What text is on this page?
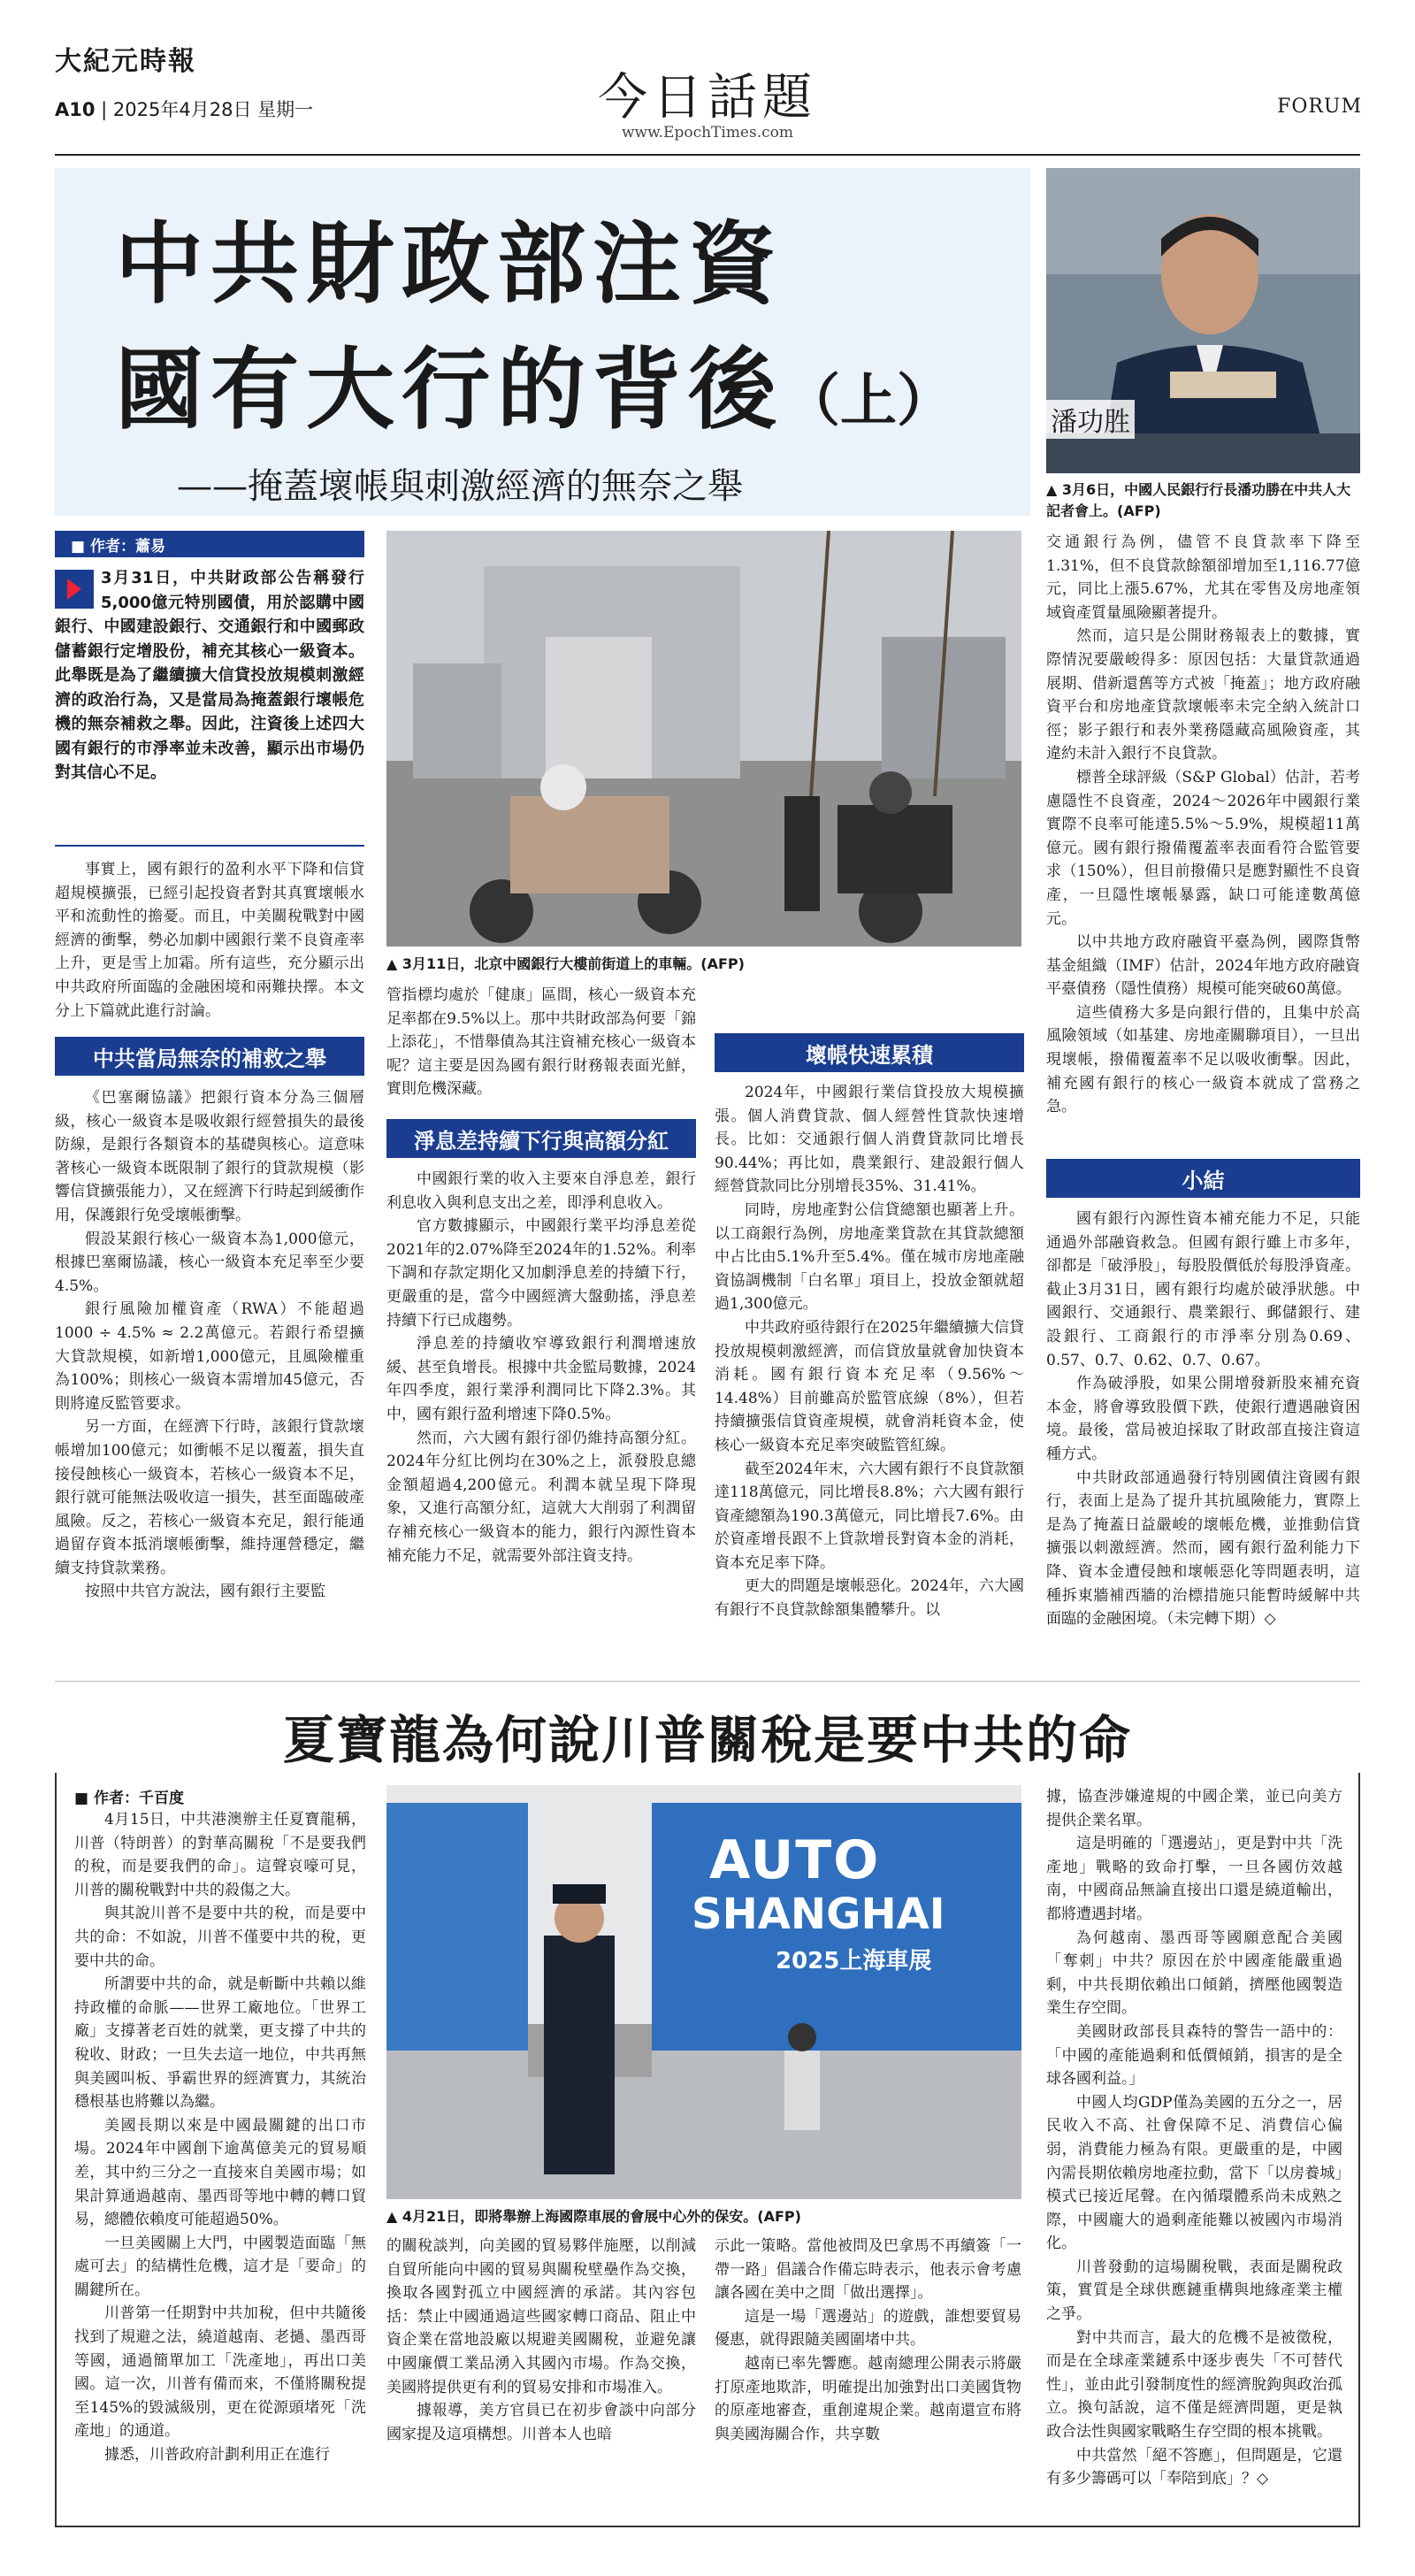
大紀元時報
A10 | 2025年4月28日 星期一	今日話題
www.EpochTimes.com
FORUM
中共財政部注資
國有大行的背後（上）
——掩蓋壞帳與刺激經濟的無奈之舉
潘功胜
▲ 3月6日，中國人民銀行行長潘功勝在中共人大記者會上。(AFP)
■ 作者：蕭易
3月31日，中共財政部公告稱發行5,000億元特別國債，用於認購中國銀行、中國建設銀行、交通銀行和中國郵政儲蓄銀行定增股份，補充其核心一級資本。此舉既是為了繼續擴大信貸投放規模刺激經濟的政治行為，又是當局為掩蓋銀行壞帳危機的無奈補救之舉。因此，注資後上述四大國有銀行的市淨率並未改善，顯示出市場仍對其信心不足。
▲ 3月11日，北京中國銀行大樓前街道上的車輛。(AFP)

事實上，國有銀行的盈利水平下降和信貸超規模擴張，已經引起投資者對其真實壞帳水平和流動性的擔憂。而且，中美關稅戰對中國經濟的衝擊，勢必加劇中國銀行業不良資產率上升，更是雪上加霜。所有這些，充分顯示出中共政府所面臨的金融困境和兩難抉擇。本文分上下篇就此進行討論。

中共當局無奈的補救之舉

《巴塞爾協議》把銀行資本分為三個層級，核心一級資本是吸收銀行經營損失的最後防線，是銀行各類資本的基礎與核心。這意味著核心一級資本既限制了銀行的貸款規模（影響信貸擴張能力），又在經濟下行時起到緩衝作用，保護銀行免受壞帳衝擊。

假設某銀行核心一級資本為1,000億元，根據巴塞爾協議，核心一級資本充足率至少要4.5%。

銀行風險加權資產（RWA）不能超過1000 ÷ 4.5% ≈ 2.2萬億元。若銀行希望擴大貸款規模，如新增1,000億元，且風險權重為100%；則核心一級資本需增加45億元，否則將違反監管要求。

另一方面，在經濟下行時，該銀行貸款壞帳增加100億元；如衝帳不足以覆蓋，損失直接侵蝕核心一級資本，若核心一級資本不足，銀行就可能無法吸收這一損失，甚至面臨破產風險。反之，若核心一級資本充足，銀行能通過留存資本抵消壞帳衝擊，維持運營穩定，繼續支持貸款業務。

按照中共官方說法，國有銀行主要監

管指標均處於「健康」區間，核心一級資本充足率都在9.5%以上。那中共財政部為何要「錦上添花」，不惜舉債為其注資補充核心一級資本呢？這主要是因為國有銀行財務報表面光鮮，實則危機深藏。

淨息差持續下行與高額分紅

中國銀行業的收入主要來自淨息差，銀行利息收入與利息支出之差，即淨利息收入。

官方數據顯示，中國銀行業平均淨息差從2021年的2.07%降至2024年的1.52%。利率下調和存款定期化又加劇淨息差的持續下行，更嚴重的是，當今中國經濟大盤動搖，淨息差持續下行已成趨勢。

淨息差的持續收窄導致銀行利潤增速放緩、甚至負增長。根據中共金監局數據，2024年四季度，銀行業淨利潤同比下降2.3%。其中，國有銀行盈利增速下降0.5%。

然而，六大國有銀行卻仍維持高額分紅。2024年分紅比例均在30%之上，派發股息總金額超過4,200億元。利潤本就呈現下降現象，又進行高額分紅，這就大大削弱了利潤留存補充核心一級資本的能力，銀行內源性資本補充能力不足，就需要外部注資支持。

壞帳快速累積

2024年，中國銀行業信貸投放大規模擴張。個人消費貸款、個人經營性貸款快速增長。比如：交通銀行個人消費貸款同比增長90.44%；再比如，農業銀行、建設銀行個人經營貸款同比分別增長35%、31.41%。

同時，房地產對公信貸總額也顯著上升。以工商銀行為例，房地產業貸款在其貸款總額中占比由5.1%升至5.4%。僅在城市房地產融資協調機制「白名單」項目上，投放金額就超過1,300億元。

中共政府亟待銀行在2025年繼續擴大信貸投放規模刺激經濟，而信貸放量就會加快資本消耗。國有銀行資本充足率（9.56%～14.48%）目前雖高於監管底線（8%），但若持續擴張信貸資產規模，就會消耗資本金，使核心一級資本充足率突破監管紅線。

截至2024年末，六大國有銀行不良貸款額達118萬億元，同比增長8.8%；六大國有銀行資產總額為190.3萬億元，同比增長7.6%。由於資產增長跟不上貸款增長對資本金的消耗，資本充足率下降。

更大的問題是壞帳惡化。2024年，六大國有銀行不良貸款餘額集體攀升。以

交通銀行為例，儘管不良貸款率下降至1.31%，但不良貸款餘額卻增加至1,116.77億元，同比上漲5.67%，尤其在零售及房地產領域資產質量風險顯著提升。

然而，這只是公開財務報表上的數據，實際情況要嚴峻得多：原因包括：大量貸款通過展期、借新還舊等方式被「掩蓋」；地方政府融資平台和房地產貸款壞帳率未完全納入統計口徑；影子銀行和表外業務隱藏高風險資產，其違約未計入銀行不良貸款。

標普全球評級（S&P Global）估計，若考慮隱性不良資產，2024～2026年中國銀行業實際不良率可能達5.5%～5.9%，規模超11萬億元。國有銀行撥備覆蓋率表面看符合監管要求（150%），但目前撥備只是應對顯性不良資產，一旦隱性壞帳暴露，缺口可能達數萬億元。

以中共地方政府融資平臺為例，國際貨幣基金組織（IMF）估計，2024年地方政府融資平臺債務（隱性債務）規模可能突破60萬億。

這些債務大多是向銀行借的，且集中於高風險領域（如基建、房地產關聯項目），一旦出現壞帳，撥備覆蓋率不足以吸收衝擊。因此，補充國有銀行的核心一級資本就成了當務之急。

小結

國有銀行內源性資本補充能力不足，只能通過外部融資救急。但國有銀行雖上市多年，卻都是「破淨股」，每股股價低於每股淨資產。截止3月31日，國有銀行均處於破淨狀態。中國銀行、交通銀行、農業銀行、郵儲銀行、建設銀行、工商銀行的市淨率分別為0.69、0.57、0.7、0.62、0.7、0.67。

作為破淨股，如果公開增發新股來補充資本金，將會導致股價下跌，使銀行遭遇融資困境。最後，當局被迫採取了財政部直接注資這種方式。

中共財政部通過發行特別國債注資國有銀行，表面上是為了提升其抗風險能力，實際上是為了掩蓋日益嚴峻的壞帳危機，並推動信貸擴張以刺激經濟。然而，國有銀行盈利能力下降、資本金遭侵蝕和壞帳惡化等問題表明，這種拆東牆補西牆的治標措施只能暫時緩解中共面臨的金融困境。（未完轉下期）◇

夏寶龍為何說川普關稅是要中共的命
■ 作者：千百度

4月15日，中共港澳辦主任夏寶龍稱，川普（特朗普）的對華高關稅「不是要我們的稅，而是要我們的命」。這聲哀嚎可見，川普的關稅戰對中共的殺傷之大。

與其說川普不是要中共的稅，而是要中共的命：不如說，川普不僅要中共的稅，更要中共的命。

所謂要中共的命，就是斬斷中共賴以維持政權的命脈——世界工廠地位。「世界工廠」支撐著老百姓的就業，更支撐了中共的稅收、財政；一旦失去這一地位，中共再無與美國叫板、爭霸世界的經濟實力，其統治穩根基也將難以為繼。

美國長期以來是中國最關鍵的出口市場。2024年中國創下逾萬億美元的貿易順差，其中約三分之一直接來自美國市場；如果計算通過越南、墨西哥等地中轉的轉口貿易，總體依賴度可能超過50%。

一旦美國關上大門，中國製造面臨「無處可去」的結構性危機，這才是「要命」的關鍵所在。

川普第一任期對中共加稅，但中共隨後找到了規避之法，繞道越南、老撾、墨西哥等國，通過簡單加工「洗產地」，再出口美國。這一次，川普有備而來，不僅將關稅提至145%的毀滅級別，更在從源頭堵死「洗產地」的通道。

據悉，川普政府計劃利用正在進行

AUTO
SHANGHAI
2025上海車展
▲ 4月21日，即將舉辦上海國際車展的會展中心外的保安。(AFP)

的關稅談判，向美國的貿易夥伴施壓，以削減自貿所能向中國的貿易與關稅壁壘作為交換，換取各國對孤立中國經濟的承諾。其內容包括：禁止中國通過這些國家轉口商品、阻止中資企業在當地設廠以規避美國關稅，並避免讓中國廉價工業品湧入其國內市場。作為交換，美國將提供更有利的貿易安排和市場准入。

據報導，美方官員已在初步會談中向部分國家提及這項構想。川普本人也暗

示此一策略。當他被問及巴拿馬不再續簽「一帶一路」倡議合作備忘時表示，他表示會考慮讓各國在美中之間「做出選擇」。

這是一場「選邊站」的遊戲，誰想要貿易優惠，就得跟隨美國圍堵中共。

越南已率先響應。越南總理公開表示將嚴打原產地欺詐，明確提出加強對出口美國貨物的原產地審查，重創違規企業。越南還宣布將與美國海關合作，共享數

據，協查涉嫌違規的中國企業，並已向美方提供企業名單。

這是明確的「選邊站」，更是對中共「洗產地」戰略的致命打擊，一旦各國仿效越南，中國商品無論直接出口還是繞道輸出，都將遭遇封堵。

為何越南、墨西哥等國願意配合美國「奪刺」中共？原因在於中國產能嚴重過剩，中共長期依賴出口傾銷，擠壓他國製造業生存空間。

美國財政部長貝森特的警告一語中的：「中國的產能過剩和低價傾銷，損害的是全球各國利益。」

中國人均GDP僅為美國的五分之一，居民收入不高、社會保障不足、消費信心偏弱，消費能力極為有限。更嚴重的是，中國內需長期依賴房地產拉動，當下「以房養城」模式已接近尾聲。在內循環體系尚未成熟之際，中國龐大的過剩產能難以被國內市場消化。

川普發動的這場關稅戰，表面是關稅政策，實質是全球供應鏈重構與地緣產業主權之爭。

對中共而言，最大的危機不是被徵稅，而是在全球產業鏈系中逐步喪失「不可替代性」，並由此引發制度性的經濟脫鉤與政治孤立。換句話說，這不僅是經濟問題，更是執政合法性與國家戰略生存空間的根本挑戰。

中共當然「絕不答應」，但問題是，它還有多少籌碼可以「奉陪到底」？◇
